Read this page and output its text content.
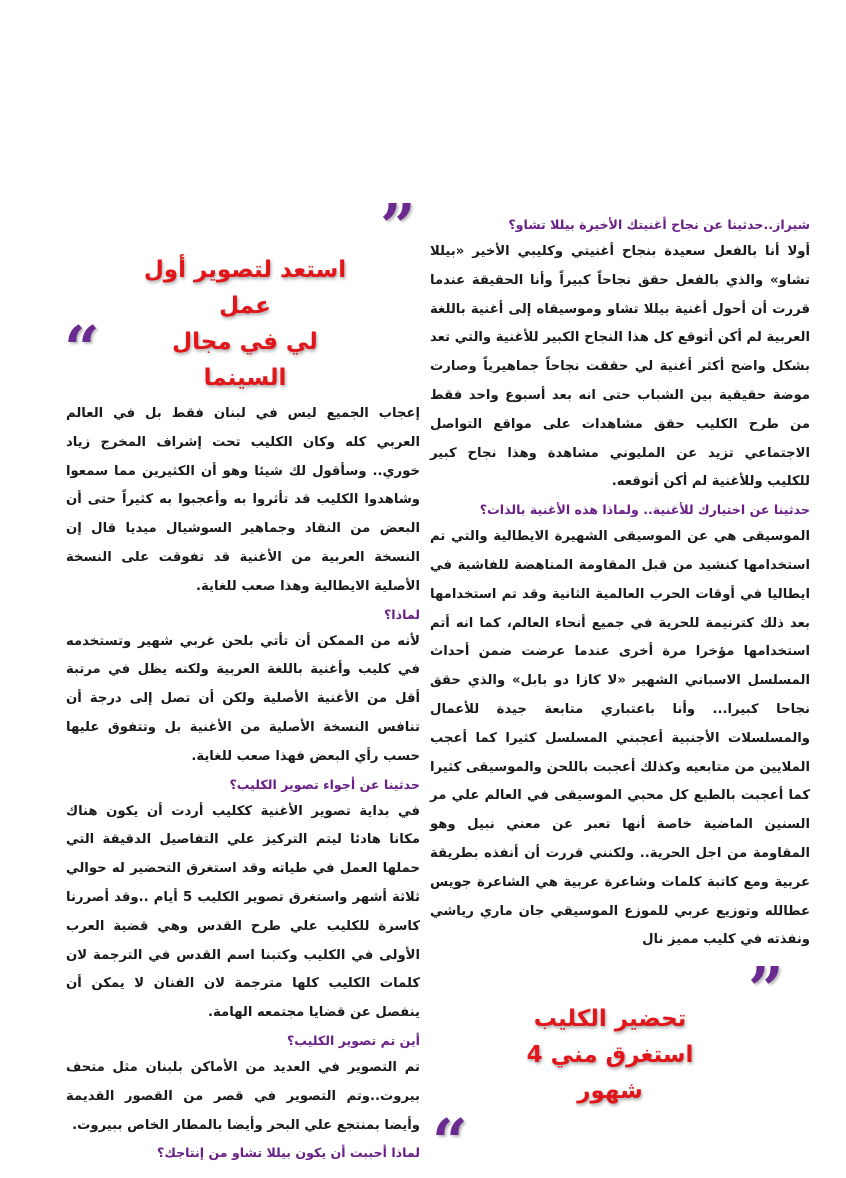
شيراز..حدثينا عن نجاح أغنيتك الأخيرة بيللا تشاو؟

أولا أنا بالفعل سعيدة بنجاح أغنيتي وكليبي الأخير «بيللا تشاو» والذي بالفعل حقق نجاحاً كبيراً وأنا الحقيقة عندما قررت أن أحول أغنية بيللا تشاو وموسيقاه إلى أغنية باللغة العربية لم أكن أتوقع كل هذا النجاح الكبير للأغنية والتي تعد بشكل واضح أكثر أغنية لي حققت نجاحاً جماهيرياً وصارت موضة حقيقية بين الشباب حتى انه بعد أسبوع واحد فقط من طرح الكليب حقق مشاهدات على مواقع التواصل الاجتماعي تزيد عن المليوني مشاهدة وهذا نجاح كبير للكليب وللأغنية لم أكن أتوقعه.

حدثينا عن اختيارك للأغنية.. ولماذا هذه الأغنية بالذات؟

الموسيقى هي عن الموسيقى الشهيرة الايطالية والتي تم استخدامها كنشيد من قبل المقاومة المناهضة للفاشية في ايطاليا في أوقات الحرب العالمية الثانية وقد تم استخدامها بعد ذلك كترنيمة للحرية في جميع أنحاء العالم، كما انه أتم استخدامها مؤخرا مرة أخرى عندما عرضت ضمن أحداث المسلسل الاسباني الشهير «لا كازا دو بابل» والذي حقق نجاحا كبيرا... وأنا باعتباري متابعة جيدة للأعمال والمسلسلات الأجنبية أعجبني المسلسل كثيرا كما أعجب الملايين من متابعيه وكذلك أعجبت باللحن والموسيقى كثيرا كما أعجبت بالطبع كل محبي الموسيقى في العالم علي مر السنين الماضية خاصة أنها تعبر عن معني نبيل وهو المقاومة من اجل الحرية.. ولكنني قررت أن أنفذه بطريقة عربية ومع كاتبة كلمات وشاعرة عربية هي الشاعرة جويس عطالله وتوزيع عربي للموزع الموسيقي جان ماري رياشي ونفذته في كليب مميز نال

إعجاب الجميع ليس في لبنان فقط بل في العالم العربي كله وكان الكليب تحت إشراف المخرج زياد خوري.. وسأقول لك شيئا وهو أن الكثيرين مما سمعوا وشاهدوا الكليب قد تأثروا به وأعجبوا به كثيراً حتى أن البعض من النقاد وجماهير السوشيال ميديا قال إن النسخة العربية من الأغنية قد تفوقت على النسخة الأصلية الايطالية وهذا صعب للغاية.

لماذا؟

لأنه من الممكن أن تأتي بلحن غربي شهير وتستخدمه في كليب وأغنية باللغة العربية ولكنه يظل في مرتبة أقل من الأغنية الأصلية ولكن أن تصل إلى درجة أن تنافس النسخة الأصلية من الأغنية بل وتتفوق عليها حسب رأي البعض فهذا صعب للغاية.

حدثينا عن أجواء تصوير الكليب؟

في بداية تصوير الأغنية ككليب أردت أن يكون هناك مكانا هادئا ليتم التركيز علي التفاصيل الدقيقة التي حملها العمل في طياته وقد استغرق التحضير له حوالي ثلاثة أشهر واستغرق تصوير الكليب 5 أيام ..وقد أصررنا كاسرة للكليب علي طرح القدس وهي قضية العرب الأولى في الكليب وكتبنا اسم القدس في الترجمة لان كلمات الكليب كلها مترجمة لان الفنان لا يمكن أن ينفصل عن قضايا مجتمعه الهامة.

أين تم تصوير الكليب؟

تم التصوير في العديد من الأماكن بلبنان مثل متحف بيروت..وتم التصوير في قصر من القصور القديمة وأيضا بمنتجع علي البحر وأيضا بالمطار الخاص ببيروت.

لماذا أحببت أن يكون بيللا تشاو من إنتاجك؟

”
استعد لتصوير أول عمل
لي في مجال السينما
“
”
تحضير الكليب
استغرق مني 4 شهور
“
